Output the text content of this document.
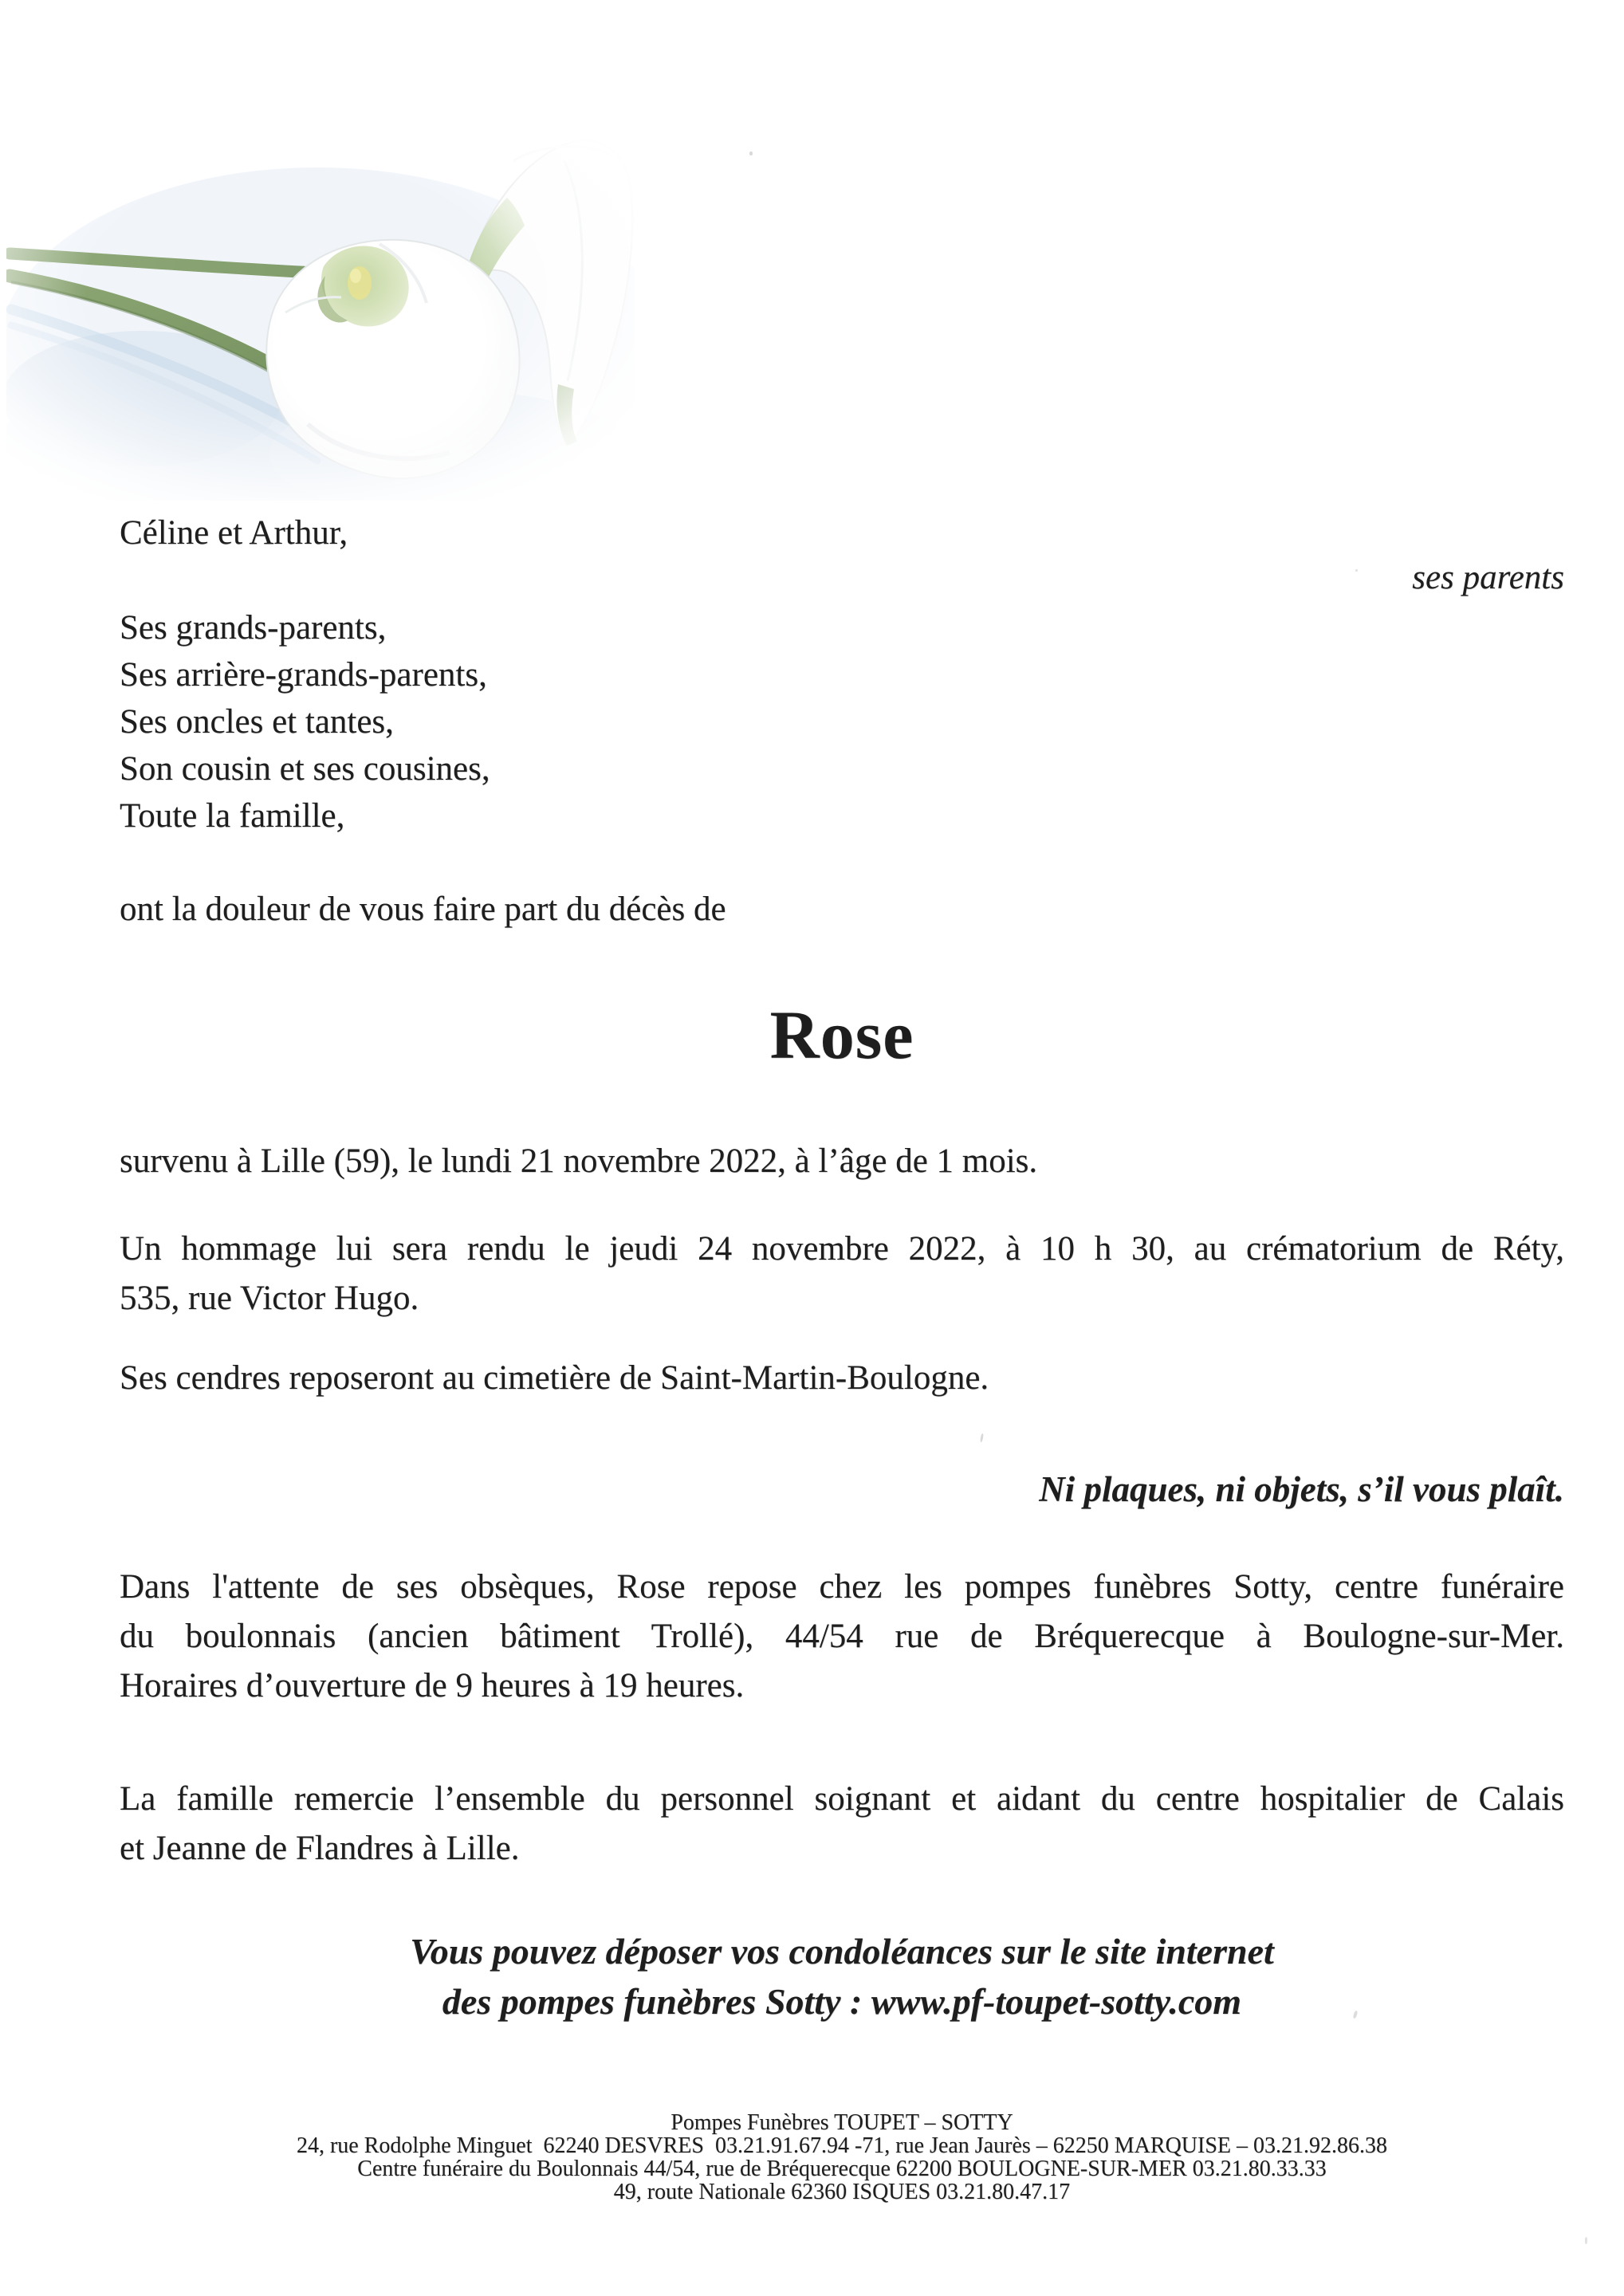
Céline et Arthur,
ses parents
Ses grands-parents,
Ses arrière-grands-parents,
Ses oncles et tantes,
Son cousin et ses cousines,
Toute la famille,
ont la douleur de vous faire part du décès de
Rose
survenu à Lille (59), le lundi 21 novembre 2022, à l’âge de 1 mois.
Un hommage lui sera rendu le jeudi 24 novembre 2022, à 10 h 30, au crématorium de Réty,
535, rue Victor Hugo.
Ses cendres reposeront au cimetière de Saint-Martin-Boulogne.
Ni plaques, ni objets, s’il vous plaît.
Dans l'attente de ses obsèques, Rose repose chez les pompes funèbres Sotty, centre funéraire
du boulonnais (ancien bâtiment Trollé), 44/54 rue de Bréquerecque à Boulogne-sur-Mer.
Horaires d’ouverture de 9 heures à 19 heures.
La famille remercie l’ensemble du personnel soignant et aidant du centre hospitalier de Calais
et Jeanne de Flandres à Lille.
Vous pouvez déposer vos condoléances sur le site internet
des pompes funèbres Sotty : www.pf-toupet-sotty.com
Pompes Funèbres TOUPET – SOTTY
24, rue Rodolphe Minguet  62240 DESVRES  03.21.91.67.94 -71, rue Jean Jaurès – 62250 MARQUISE – 03.21.92.86.38
Centre funéraire du Boulonnais 44/54, rue de Bréquerecque 62200 BOULOGNE-SUR-MER 03.21.80.33.33
49, route Nationale 62360 ISQUES 03.21.80.47.17
